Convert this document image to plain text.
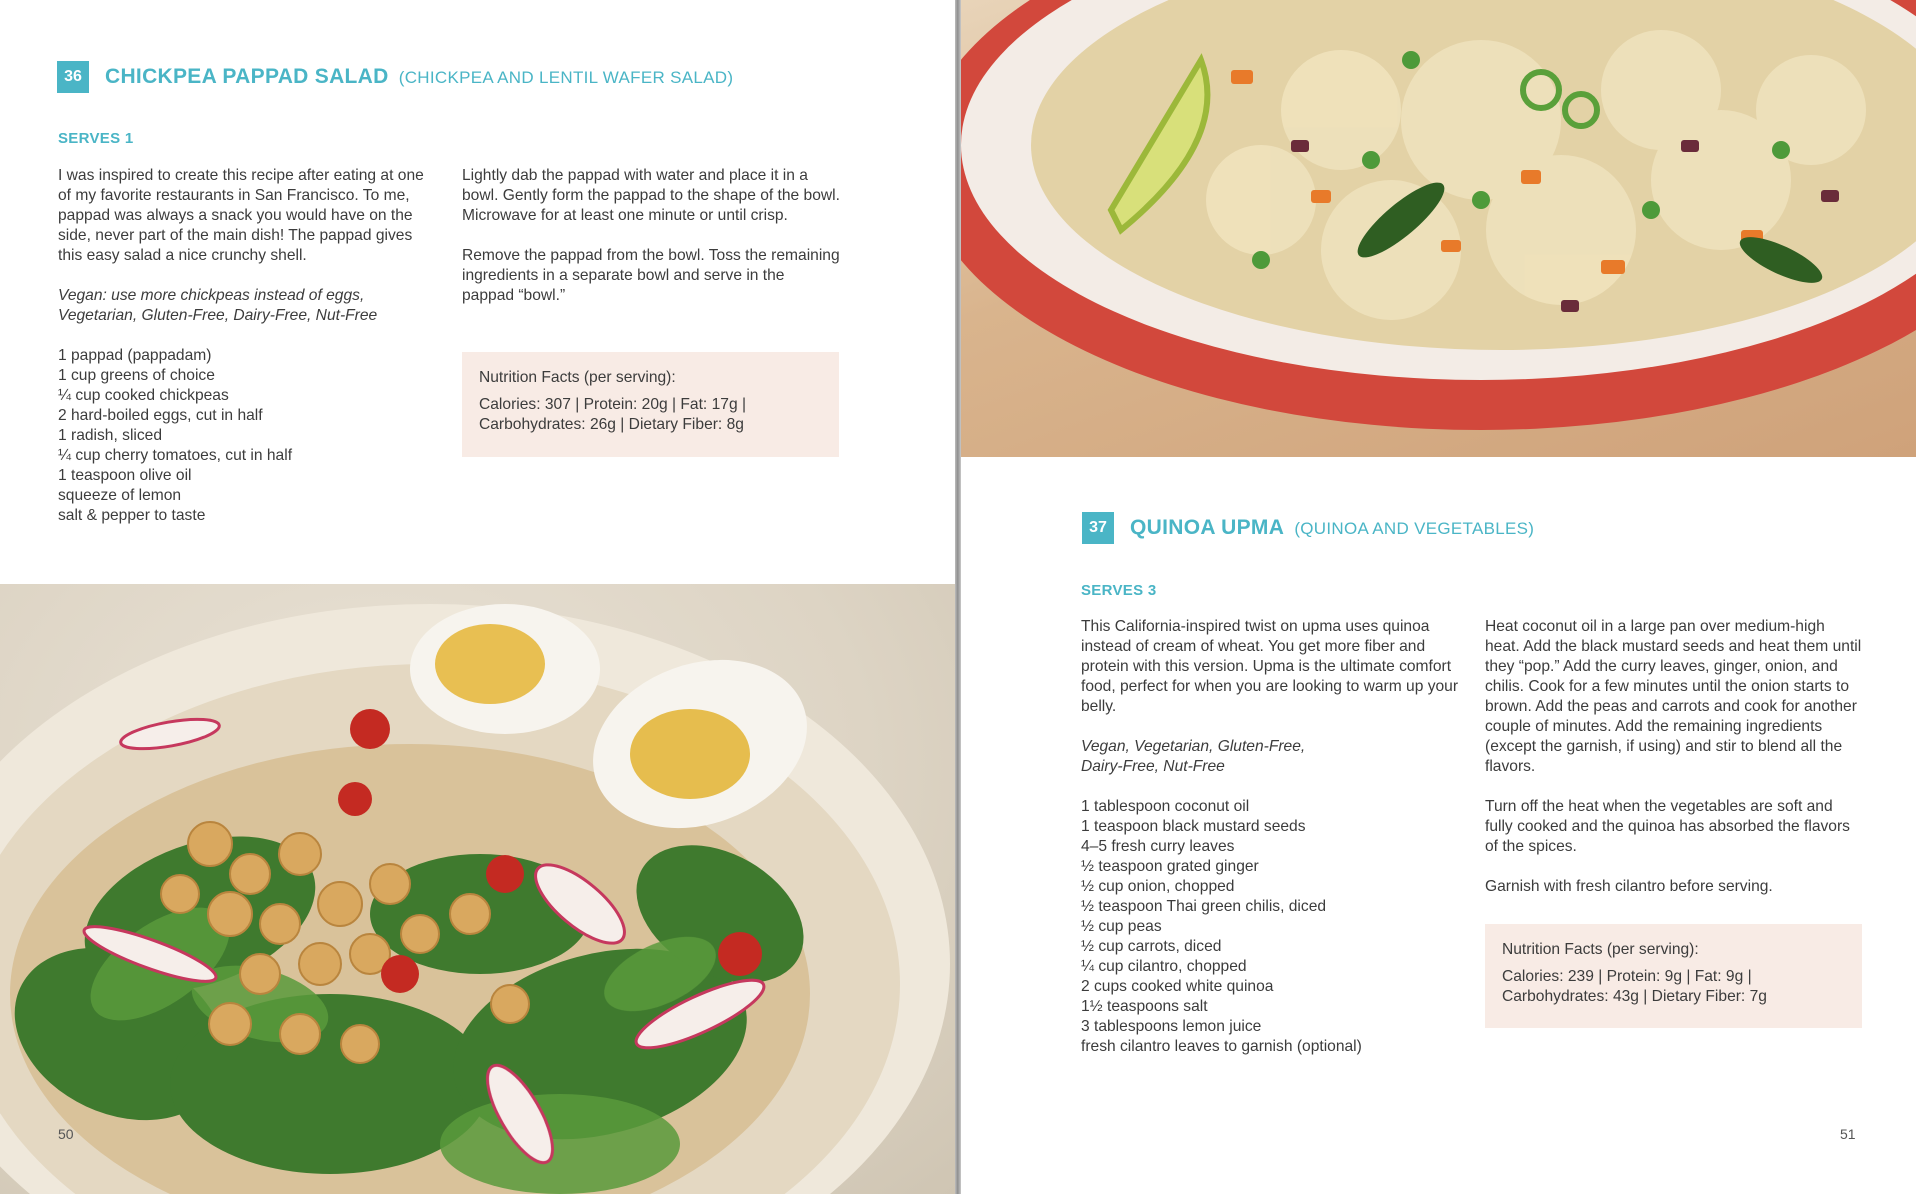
36	CHICKPEA PAPPAD SALAD (CHICKPEA AND LENTIL WAFER SALAD)
SERVES 1

I was inspired to create this recipe after eating at one of my favorite restaurants in San Francisco. To me, pappad was always a snack you would have on the side, never part of the main dish! The pappad gives this easy salad a nice crunchy shell.

Vegan: use more chickpeas instead of eggs, Vegetarian, Gluten-Free, Dairy-Free, Nut-Free

1 pappad (pappadam)
1 cup greens of choice
¼ cup cooked chickpeas
2 hard-boiled eggs, cut in half
1 radish, sliced
¼ cup cherry tomatoes, cut in half
1 teaspoon olive oil
squeeze of lemon
salt & pepper to taste

Lightly dab the pappad with water and place it in a bowl. Gently form the pappad to the shape of the bowl. Microwave for at least one minute or until crisp.

Remove the pappad from the bowl. Toss the remaining ingredients in a separate bowl and serve in the pappad “bowl.”

Nutrition Facts (per serving):
Calories: 307 | Protein: 20g | Fat: 17g |
Carbohydrates: 26g | Dietary Fiber: 8g
50
37	QUINOA UPMA (QUINOA AND VEGETABLES)
SERVES 3

This California-inspired twist on upma uses quinoa instead of cream of wheat. You get more fiber and protein with this version. Upma is the ultimate comfort food, perfect for when you are looking to warm up your belly.

Vegan, Vegetarian, Gluten-Free,
Dairy-Free, Nut-Free

1 tablespoon coconut oil
1 teaspoon black mustard seeds
4–5 fresh curry leaves
½ teaspoon grated ginger
½ cup onion, chopped
½ teaspoon Thai green chilis, diced
½ cup peas
½ cup carrots, diced
¼ cup cilantro, chopped
2 cups cooked white quinoa
1½ teaspoons salt
3 tablespoons lemon juice
fresh cilantro leaves to garnish (optional)

Heat coconut oil in a large pan over medium-high heat. Add the black mustard seeds and heat them until they “pop.” Add the curry leaves, ginger, onion, and chilis. Cook for a few minutes until the onion starts to brown. Add the peas and carrots and cook for another couple of minutes. Add the remaining ingredients (except the garnish, if using) and stir to blend all the flavors.

Turn off the heat when the vegetables are soft and fully cooked and the quinoa has absorbed the flavors of the spices.

Garnish with fresh cilantro before serving.

Nutrition Facts (per serving):
Calories: 239 | Protein: 9g | Fat: 9g |
Carbohydrates: 43g | Dietary Fiber: 7g
51
